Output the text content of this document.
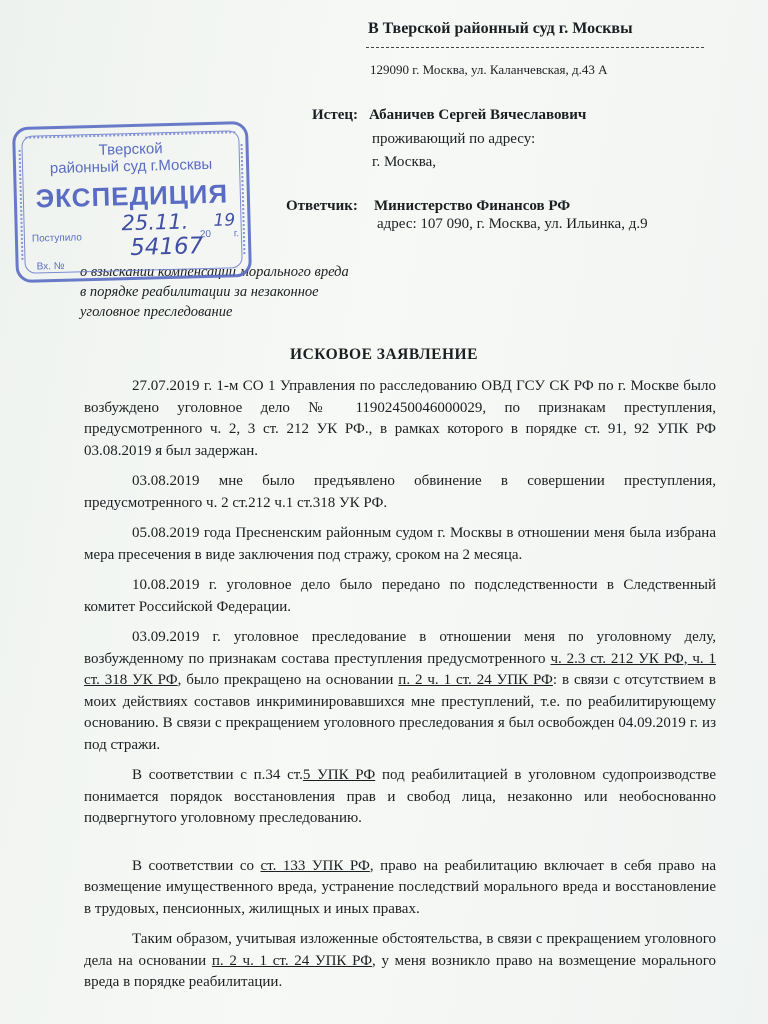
В Тверской районный суд г. Москвы
129090 г. Москва, ул. Каланчевская, д.43 А
Истец: Абаничев Сергей Вячеславович
проживающий по адресу:
г. Москва,
Ответчик: Министерство Финансов РФ
адрес: 107 090, г. Москва, ул. Ильинка, д.9
о взыскании компенсации морального вреда
в порядке реабилитации за незаконное
уголовное преследование
Тверской
районный суд г.Москвы
ЭКСПЕДИЦИЯ
Поступило
25.11. 20
19
г.
Вх. №
54167
ИСКОВОЕ ЗАЯВЛЕНИЕ

27.07.2019 г. 1-м СО 1 Управления по расследованию ОВД ГСУ СК РФ по г. Москве было возбуждено уголовное дело № 11902450046000029, по признакам преступления, предусмотренного ч. 2, 3 ст. 212 УК РФ., в рамках которого в порядке ст. 91, 92 УПК РФ 03.08.2019 я был задержан.

03.08.2019 мне было предъявлено обвинение в совершении преступления, предусмотренного ч. 2 ст.212 ч.1 ст.318 УК РФ.

05.08.2019 года Пресненским районным судом г. Москвы в отношении меня была избрана мера пресечения в виде заключения под стражу, сроком на 2 месяца.

10.08.2019 г. уголовное дело было передано по подследственности в Следственный комитет Российской Федерации.

03.09.2019 г. уголовное преследование в отношении меня по уголовному делу, возбужденному по признакам состава преступления предусмотренного ч. 2.3 ст. 212 УК РФ, ч. 1 ст. 318 УК РФ, было прекращено на основании п. 2 ч. 1 ст. 24 УПК РФ: в связи с отсутствием в моих действиях составов инкриминировавшихся мне преступлений, т.е. по реабилитирующему основанию. В связи с прекращением уголовного преследования я был освобожден 04.09.2019 г. из под стражи.

В соответствии с п.34 ст.5 УПК РФ под реабилитацией в уголовном судопроизводстве понимается порядок восстановления прав и свобод лица, незаконно или необоснованно подвергнутого уголовному преследованию.

В соответствии со ст. 133 УПК РФ, право на реабилитацию включает в себя право на возмещение имущественного вреда, устранение последствий морального вреда и восстановление в трудовых, пенсионных, жилищных и иных правах.

Таким образом, учитывая изложенные обстоятельства, в связи с прекращением уголовного дела на основании п. 2 ч. 1 ст. 24 УПК РФ, у меня возникло право на возмещение морального вреда в порядке реабилитации.
